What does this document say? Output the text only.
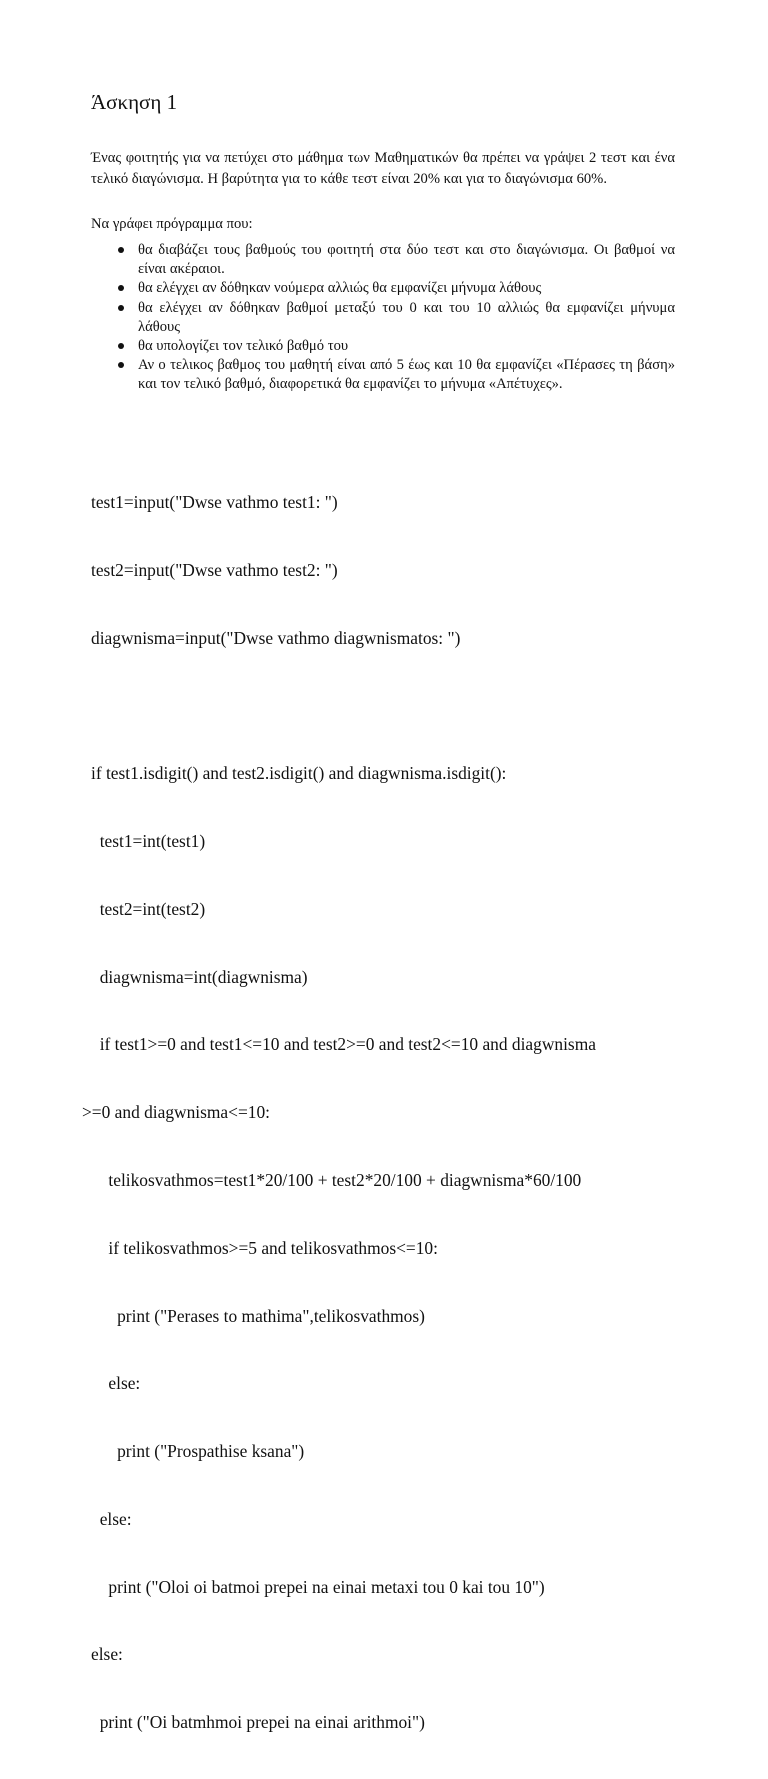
Άσκηση 1

Ένας φοιτητής για να πετύχει στο μάθημα των Μαθηματικών θα πρέπει να γράψει 2 τεστ και ένα τελικό διαγώνισμα. Η βαρύτητα για το κάθε τεστ είναι 20% και για το διαγώνισμα 60%.

Να γράφει πρόγραμμα που:

θα διαβάζει τους βαθμούς του φοιτητή στα δύο τεστ και στο διαγώνισμα. Οι βαθμοί να είναι ακέραιοι.
θα ελέγχει αν δόθηκαν νούμερα αλλιώς θα εμφανίζει μήνυμα λάθους
θα ελέγχει αν δόθηκαν βαθμοί μεταξύ του 0 και του 10 αλλιώς θα εμφανίζει μήνυμα λάθους
θα υπολογίζει τον τελικό βαθμό του
Αν ο τελικος βαθμος του μαθητή είναι από 5 έως και 10 θα εμφανίζει «Πέρασες τη βάση» και τον τελικό βαθμό, διαφορετικά θα εμφανίζει το μήνυμα «Απέτυχες».

test1=input("Dwse vathmo test1: ")

test2=input("Dwse vathmo test2: ")

diagwnisma=input("Dwse vathmo diagwnismatos: ")

if test1.isdigit() and test2.isdigit() and diagwnisma.isdigit():

test1=int(test1)

test2=int(test2)

diagwnisma=int(diagwnisma)

if test1>=0 and test1<=10 and test2>=0 and test2<=10 and diagwnisma

>=0 and diagwnisma<=10:

telikosvathmos=test1*20/100 + test2*20/100 + diagwnisma*60/100

if telikosvathmos>=5 and telikosvathmos<=10:

print ("Perases to mathima",telikosvathmos)

else:

print ("Prospathise ksana")

else:

print ("Oloi oi batmoi prepei na einai metaxi tou 0 kai tou 10")

else:

print ("Oi batmhmoi prepei na einai arithmoi")
